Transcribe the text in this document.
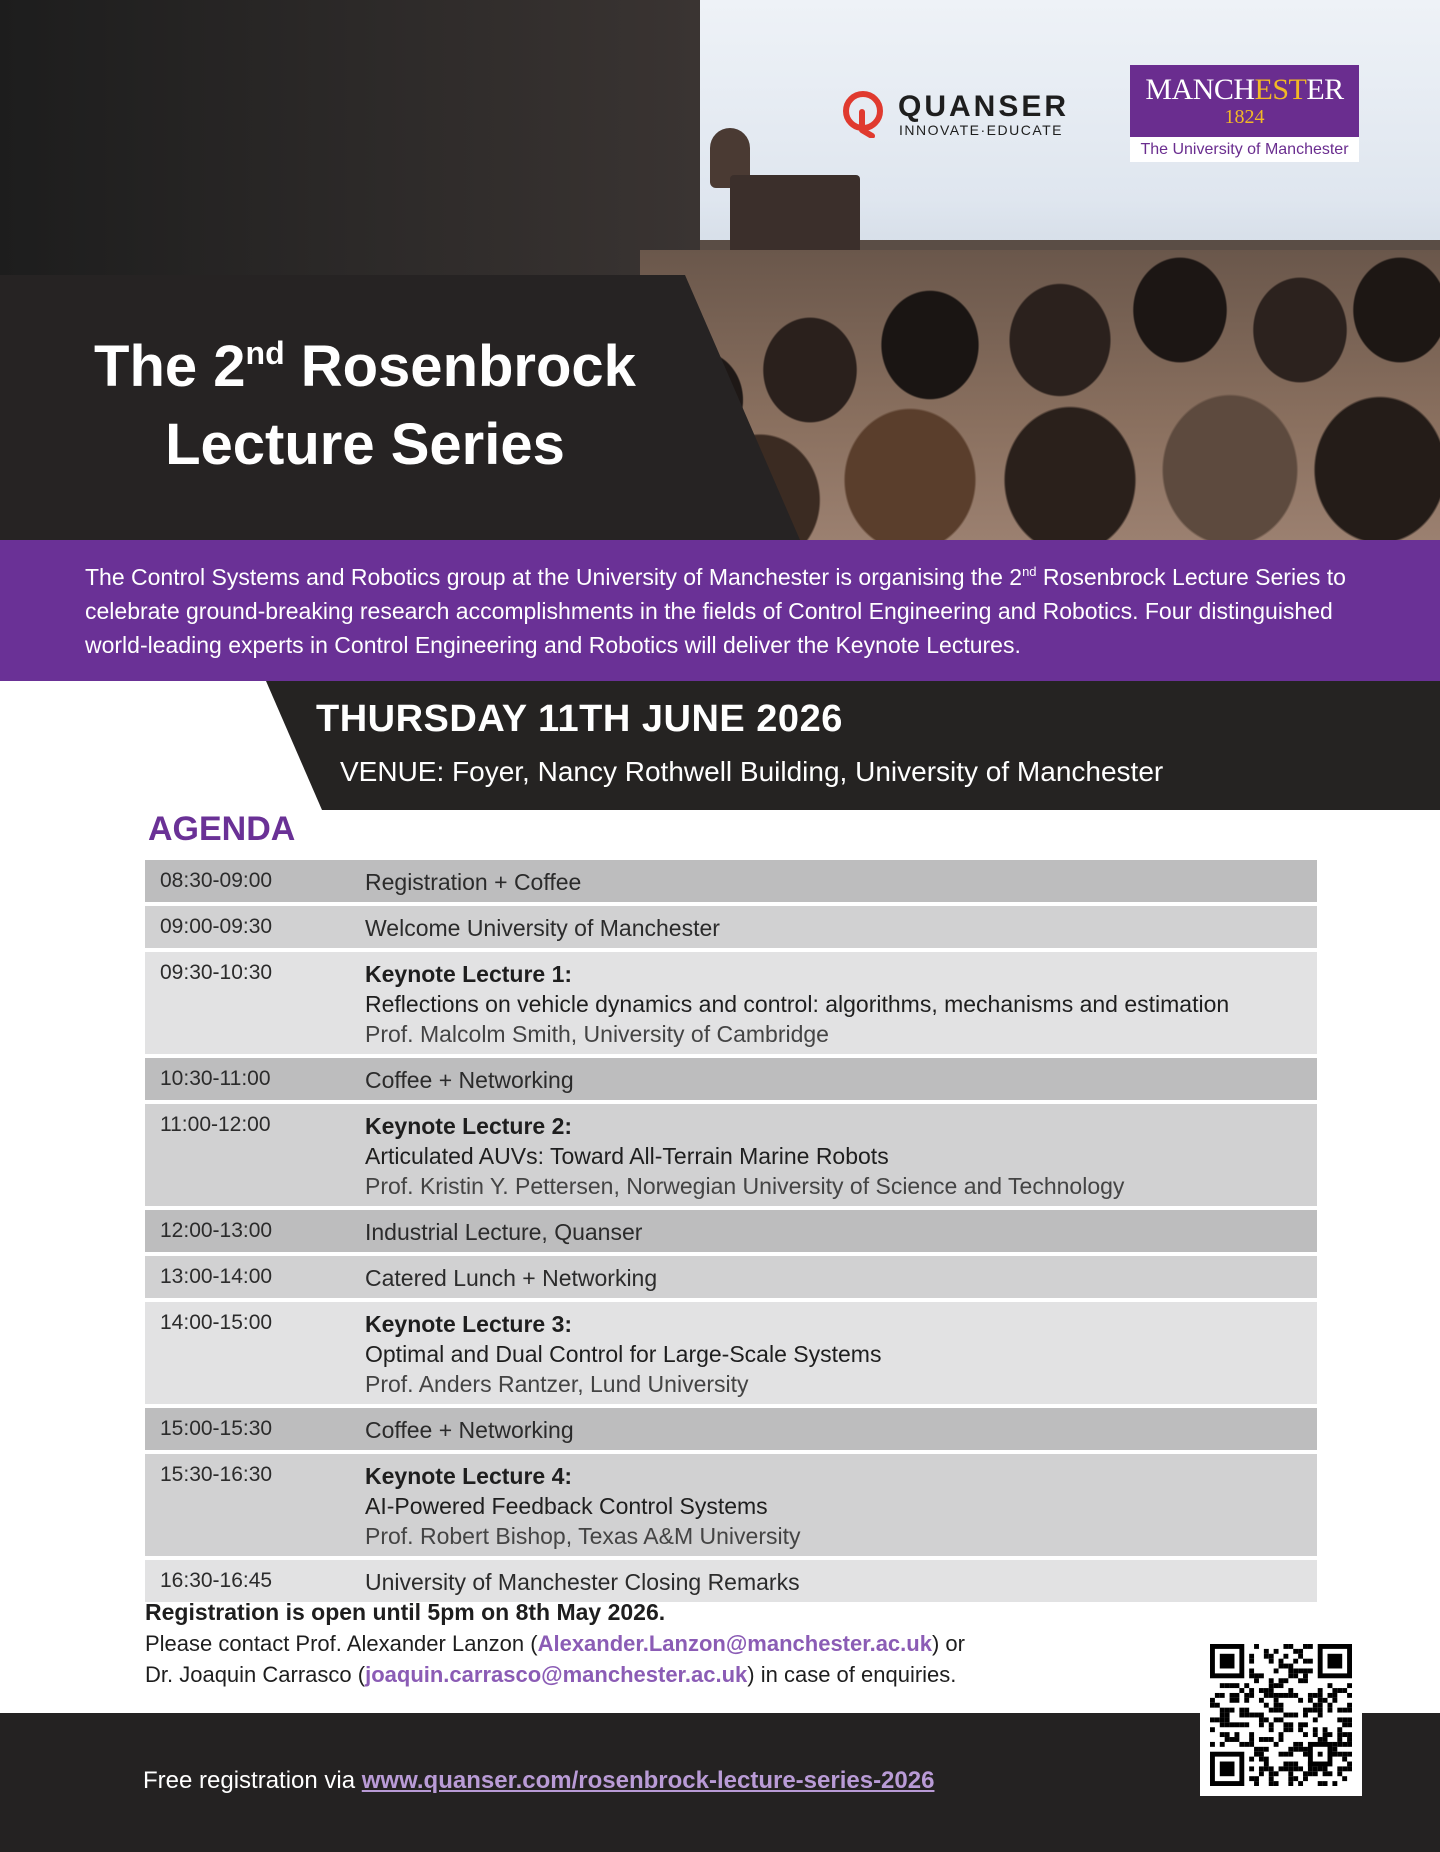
The 2nd Rosenbrock
Lecture Series
QUANSER
INNOVATE·EDUCATE
MANCHESTER
1824
The University of Manchester
The Control Systems and Robotics group at the University of Manchester is organising the 2nd Rosenbrock Lecture Series to celebrate ground-breaking research accomplishments in the fields of Control Engineering and Robotics. Four distinguished world-leading experts in Control Engineering and Robotics will deliver the Keynote Lectures.
THURSDAY 11TH JUNE 2026
VENUE: Foyer, Nancy Rothwell Building, University of Manchester
AGENDA
08:30-09:00	Registration + Coffee
09:00-09:30	Welcome University of Manchester
09:30-10:30	Keynote Lecture 1:
Reflections on vehicle dynamics and control: algorithms, mechanisms and estimation
Prof. Malcolm Smith, University of Cambridge
10:30-11:00	Coffee + Networking
11:00-12:00	Keynote Lecture 2:
Articulated AUVs: Toward All-Terrain Marine Robots
Prof. Kristin Y. Pettersen, Norwegian University of Science and Technology
12:00-13:00	Industrial Lecture, Quanser
13:00-14:00	Catered Lunch + Networking
14:00-15:00	Keynote Lecture 3:
Optimal and Dual Control for Large-Scale Systems
Prof. Anders Rantzer, Lund University
15:00-15:30	Coffee + Networking
15:30-16:30	Keynote Lecture 4:
AI-Powered Feedback Control Systems
Prof. Robert Bishop, Texas A&M University
16:30-16:45	University of Manchester Closing Remarks
Registration is open until 5pm on 8th May 2026.
Please contact Prof. Alexander Lanzon (Alexander.Lanzon@manchester.ac.uk) or
Dr. Joaquin Carrasco (joaquin.carrasco@manchester.ac.uk) in case of enquiries.
Free registration via www.quanser.com/rosenbrock-lecture-series-2026
